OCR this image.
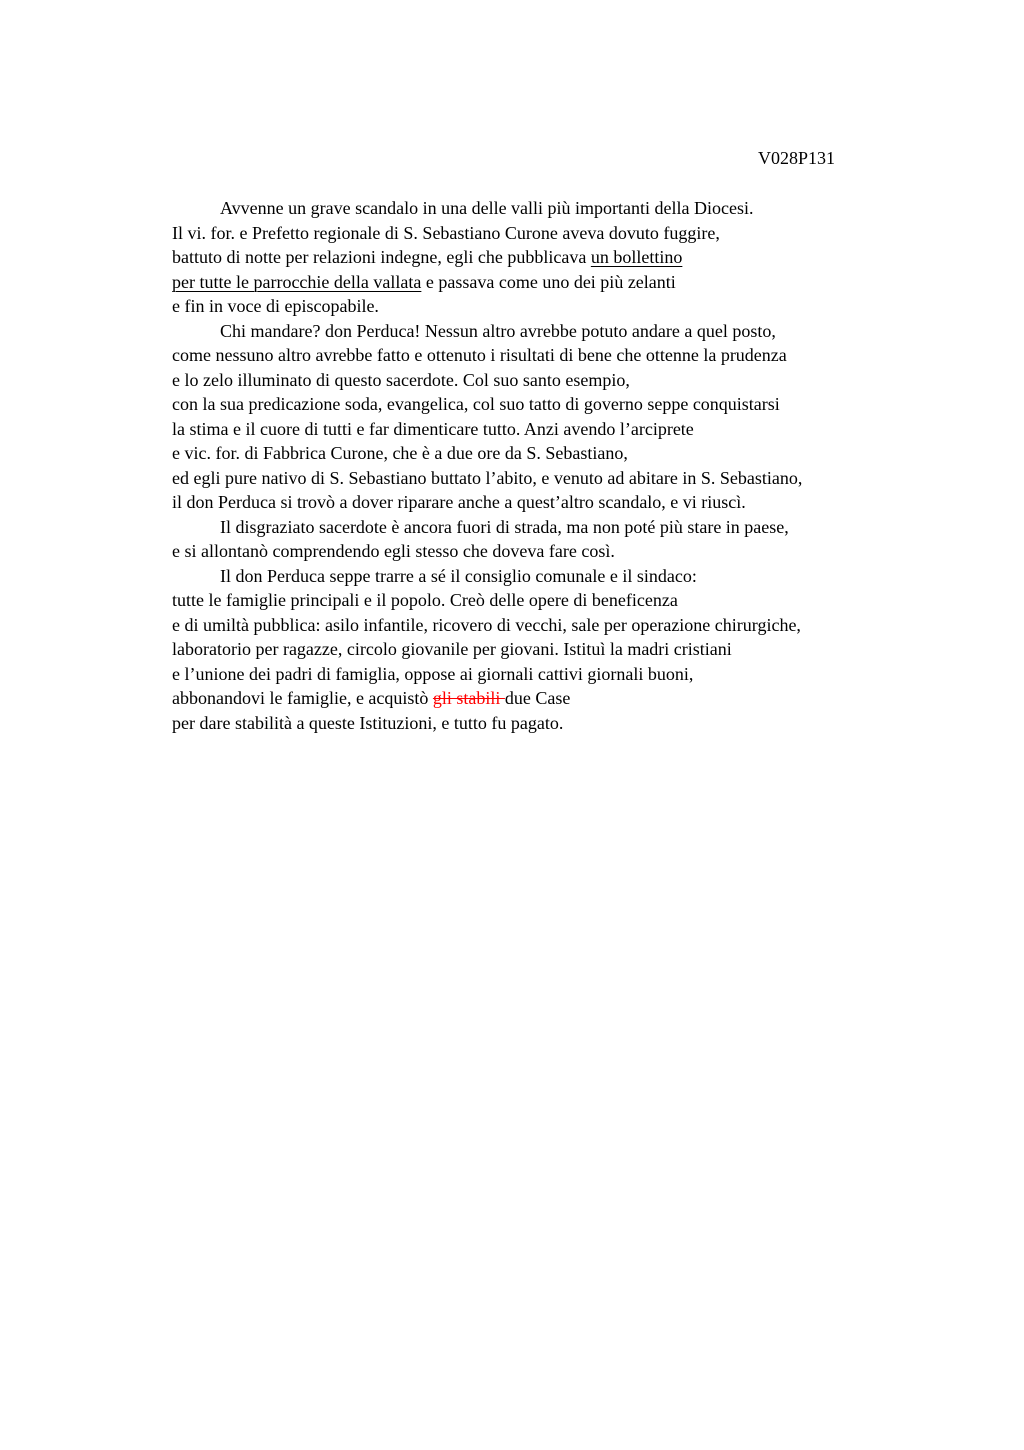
V028P131
Avvenne un grave scandalo in una delle valli più importanti della Diocesi.
Il vi. for. e Prefetto regionale di S. Sebastiano Curone aveva dovuto fuggire,
battuto di notte per relazioni indegne, egli che pubblicava un bollettino
per tutte le parrocchie della vallata e passava come uno dei più zelanti
e fin in voce di episcopabile.
Chi mandare? don Perduca! Nessun altro avrebbe potuto andare a quel posto,
come nessuno altro avrebbe fatto e ottenuto i risultati di bene che ottenne la prudenza
e lo zelo illuminato di questo sacerdote. Col suo santo esempio,
con la sua predicazione soda, evangelica, col suo tatto di governo seppe conquistarsi
la stima e il cuore di tutti e far dimenticare tutto. Anzi avendo l’arciprete
e vic. for. di Fabbrica Curone, che è a due ore da S. Sebastiano,
ed egli pure nativo di S. Sebastiano buttato l’abito, e venuto ad abitare in S. Sebastiano,
il don Perduca si trovò a dover riparare anche a quest’altro scandalo, e vi riuscì.
Il disgraziato sacerdote è ancora fuori di strada, ma non poté più stare in paese,
e si allontanò comprendendo egli stesso che doveva fare così.
Il don Perduca seppe trarre a sé il consiglio comunale e il sindaco:
tutte le famiglie principali e il popolo. Creò delle opere di beneficenza
e di umiltà pubblica: asilo infantile, ricovero di vecchi, sale per operazione chirurgiche,
laboratorio per ragazze, circolo giovanile per giovani. Istituì la madri cristiani
e l’unione dei padri di famiglia, oppose ai giornali cattivi giornali buoni,
abbonandovi le famiglie, e acquistò gli stabili due Case
per dare stabilità a queste Istituzioni, e tutto fu pagato.
